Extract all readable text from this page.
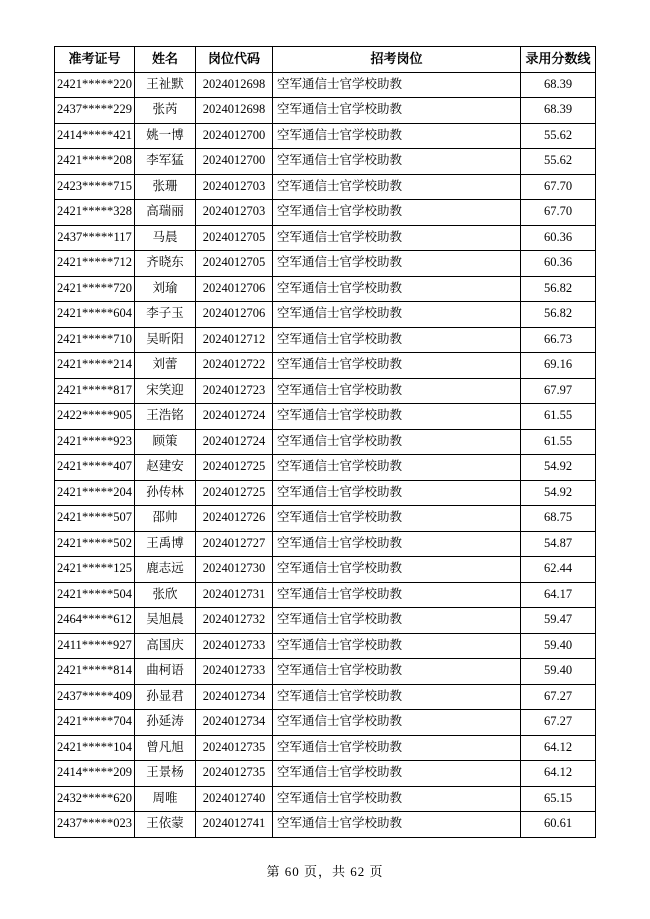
准考证号	姓名	岗位代码	招考岗位	录用分数线
2421*****220	王祉默	2024012698	空军通信士官学校助教	68.39
2437*****229	张芮	2024012698	空军通信士官学校助教	68.39
2414*****421	姚一博	2024012700	空军通信士官学校助教	55.62
2421*****208	李军猛	2024012700	空军通信士官学校助教	55.62
2423*****715	张珊	2024012703	空军通信士官学校助教	67.70
2421*****328	高瑞丽	2024012703	空军通信士官学校助教	67.70
2437*****117	马晨	2024012705	空军通信士官学校助教	60.36
2421*****712	齐晓东	2024012705	空军通信士官学校助教	60.36
2421*****720	刘瑜	2024012706	空军通信士官学校助教	56.82
2421*****604	李子玉	2024012706	空军通信士官学校助教	56.82
2421*****710	吴昕阳	2024012712	空军通信士官学校助教	66.73
2421*****214	刘蕾	2024012722	空军通信士官学校助教	69.16
2421*****817	宋笑迎	2024012723	空军通信士官学校助教	67.97
2422*****905	王浩铭	2024012724	空军通信士官学校助教	61.55
2421*****923	顾策	2024012724	空军通信士官学校助教	61.55
2421*****407	赵建安	2024012725	空军通信士官学校助教	54.92
2421*****204	孙传林	2024012725	空军通信士官学校助教	54.92
2421*****507	邵帅	2024012726	空军通信士官学校助教	68.75
2421*****502	王禹博	2024012727	空军通信士官学校助教	54.87
2421*****125	鹿志远	2024012730	空军通信士官学校助教	62.44
2421*****504	张欣	2024012731	空军通信士官学校助教	64.17
2464*****612	吴旭晨	2024012732	空军通信士官学校助教	59.47
2411*****927	高国庆	2024012733	空军通信士官学校助教	59.40
2421*****814	曲柯语	2024012733	空军通信士官学校助教	59.40
2437*****409	孙显君	2024012734	空军通信士官学校助教	67.27
2421*****704	孙延涛	2024012734	空军通信士官学校助教	67.27
2421*****104	曾凡旭	2024012735	空军通信士官学校助教	64.12
2414*****209	王景杨	2024012735	空军通信士官学校助教	64.12
2432*****620	周唯	2024012740	空军通信士官学校助教	65.15
2437*****023	王依蒙	2024012741	空军通信士官学校助教	60.61
第 60 页，共 62 页
